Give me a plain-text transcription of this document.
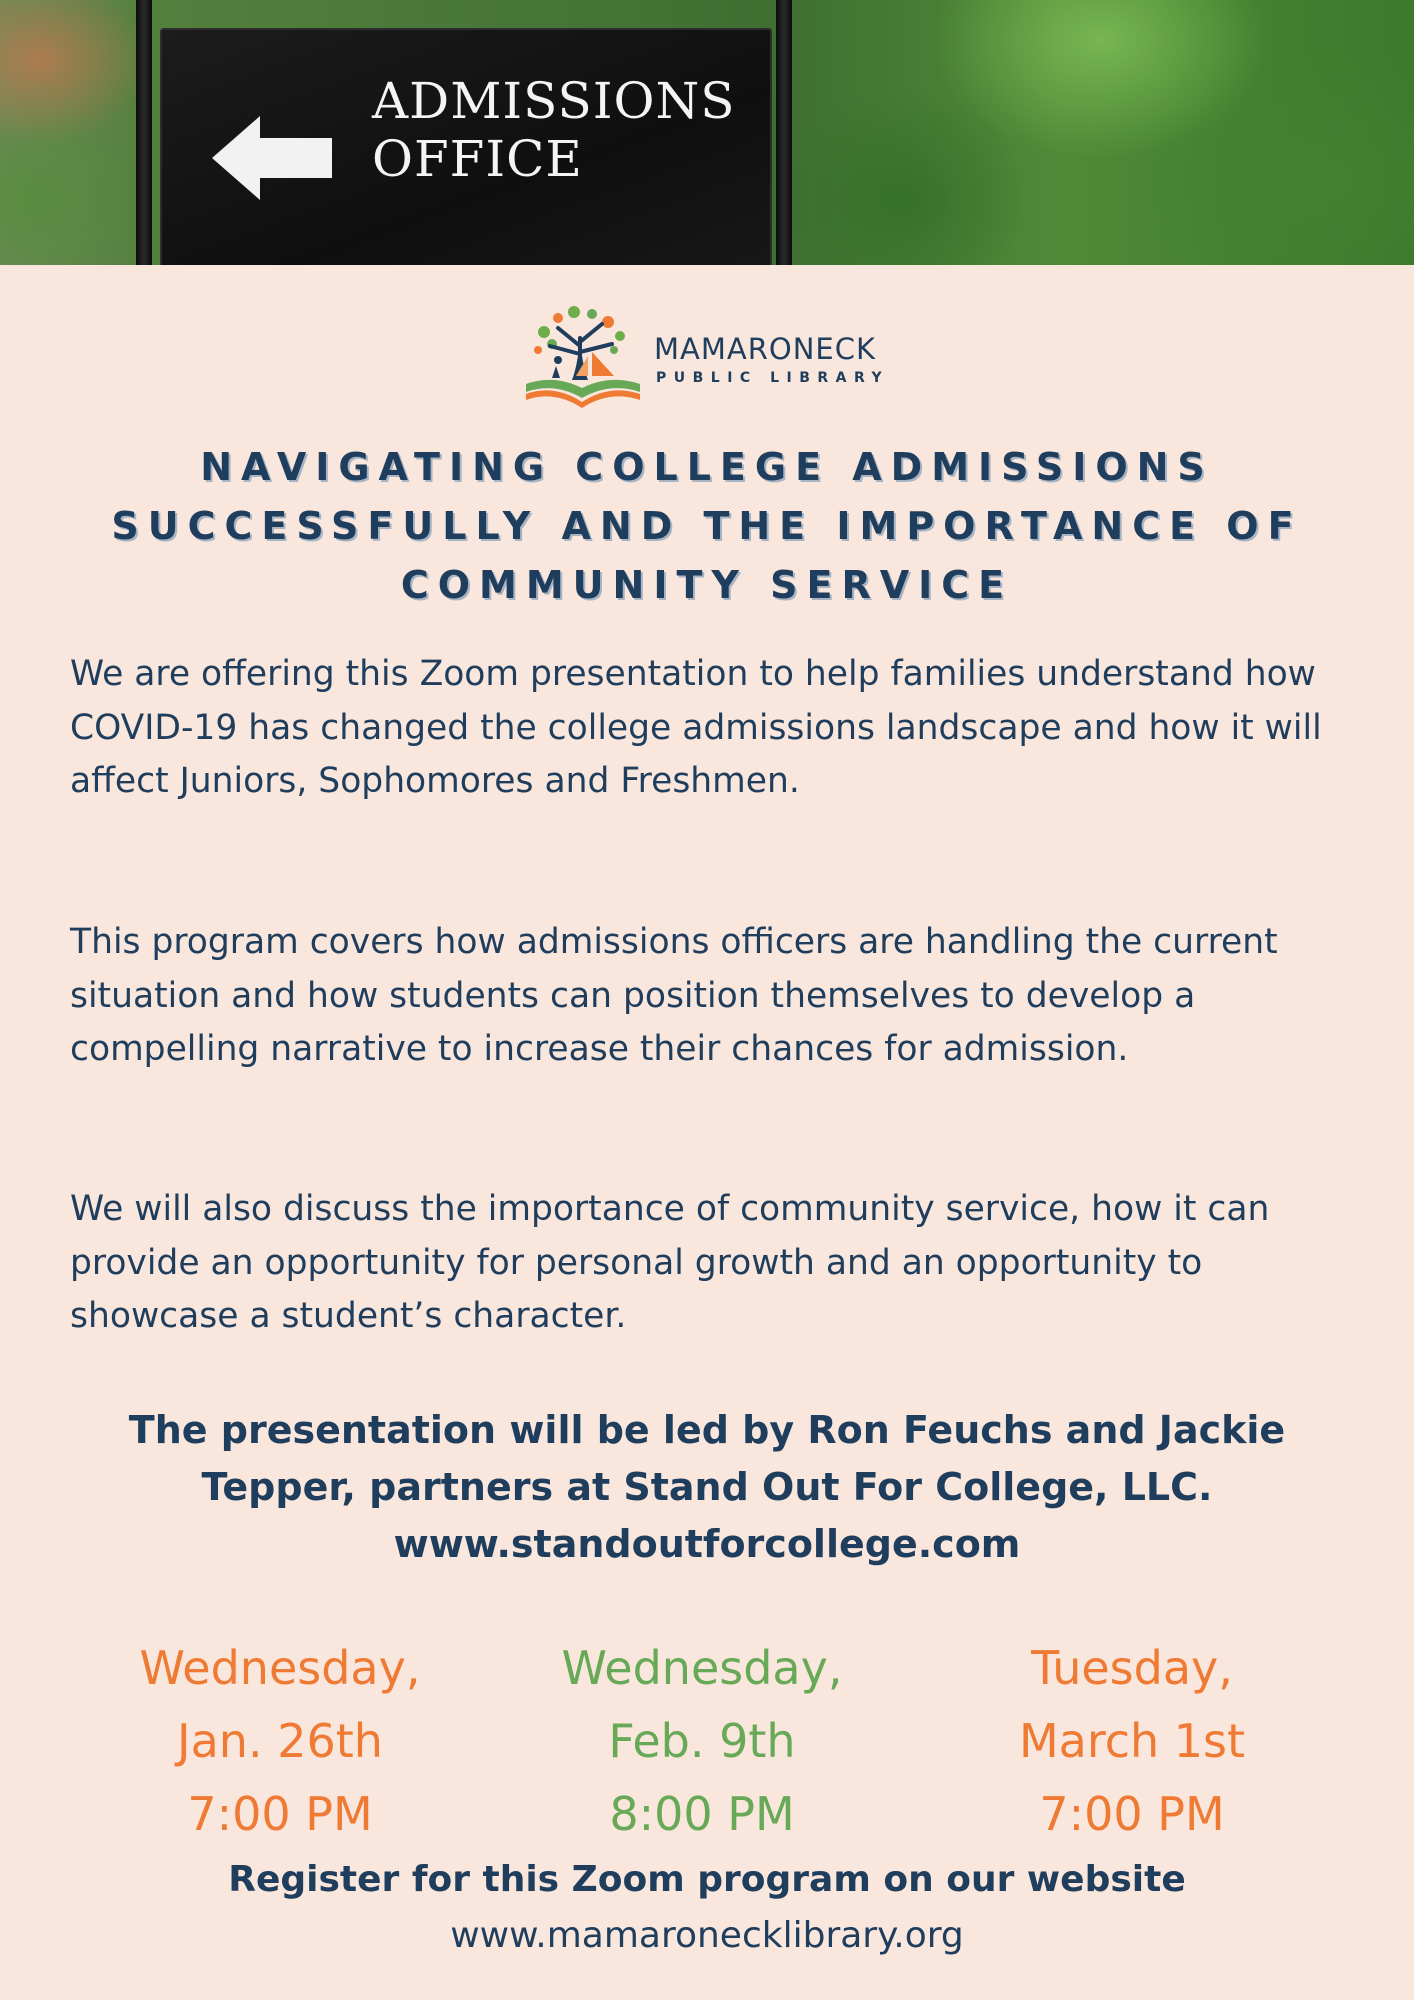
ADMISSIONS
OFFICE
MAMARONECK
PUBLIC LIBRARY
NAVIGATING COLLEGE ADMISSIONS
SUCCESSFULLY AND THE IMPORTANCE OF
COMMUNITY SERVICE

We are offering this Zoom presentation to help families understand how COVID-19 has changed the college admissions landscape and how it will affect Juniors, Sophomores and Freshmen.

This program covers how admissions officers are handling the current situation and how students can position themselves to develop a compelling narrative to increase their chances for admission.

We will also discuss the importance of community service, how it can provide an opportunity for personal growth and an opportunity to showcase a student’s character.

The presentation will be led by Ron Feuchs and Jackie
Tepper, partners at Stand Out For College, LLC.
www.standoutforcollege.com
Wednesday,
Jan. 26th
7:00 PM
Wednesday,
Feb. 9th
8:00 PM
Tuesday,
March 1st
7:00 PM
Register for this Zoom program on our website
www.mamaronecklibrary.org
